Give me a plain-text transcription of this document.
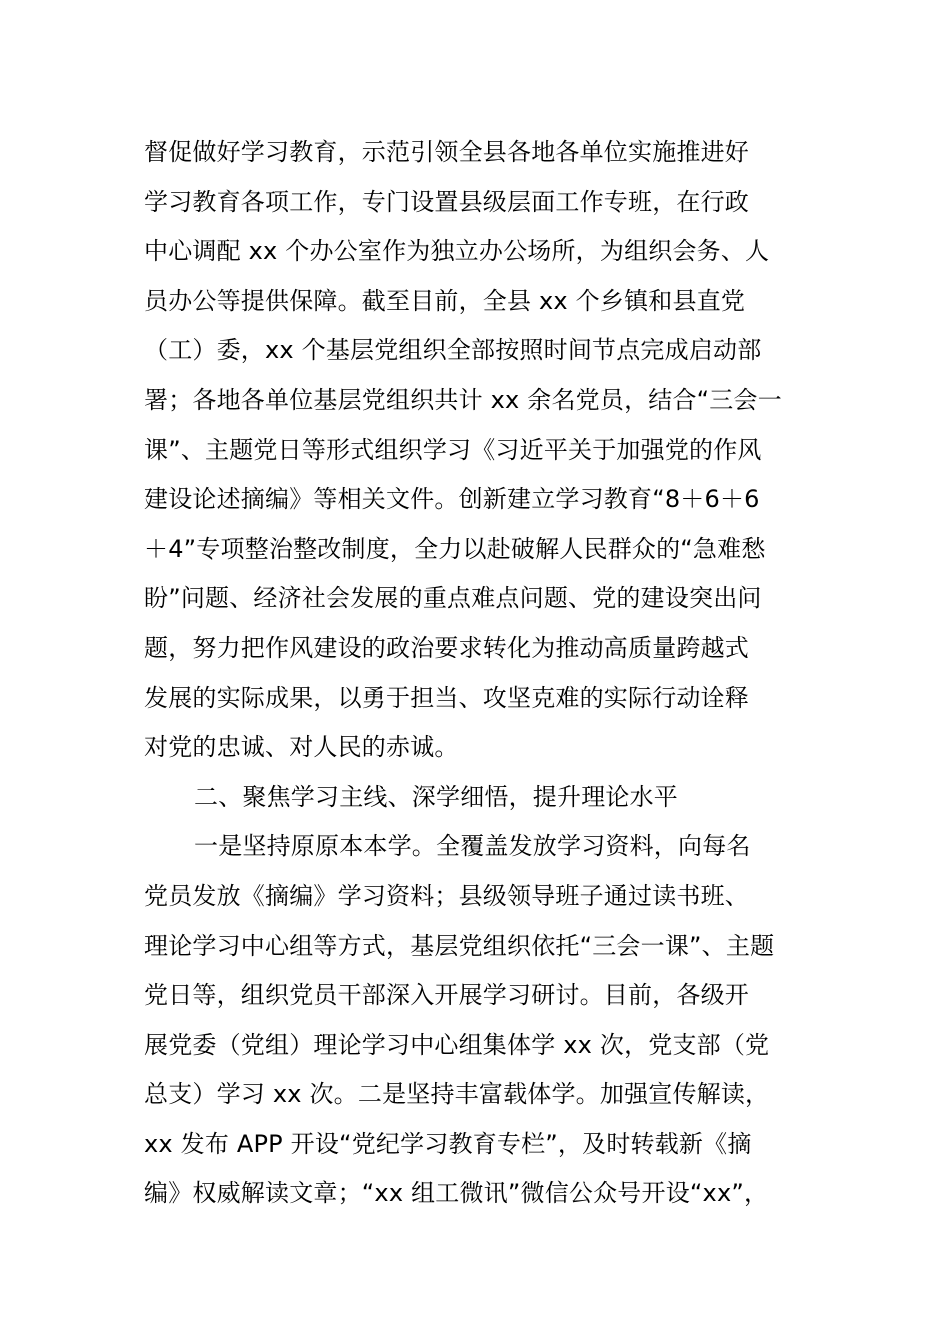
督促做好学习教育，示范引领全县各地各单位实施推进好
学习教育各项工作，专门设置县级层面工作专班，在行政
中心调配 xx 个办公室作为独立办公场所，为组织会务、人
员办公等提供保障。截至目前，全县 xx 个乡镇和县直党
（工）委，xx 个基层党组织全部按照时间节点完成启动部
署；各地各单位基层党组织共计 xx 余名党员，结合“三会一
课”、主题党日等形式组织学习《习近平关于加强党的作风
建设论述摘编》等相关文件。创新建立学习教育“8＋6＋6
＋4”专项整治整改制度，全力以赴破解人民群众的“急难愁
盼”问题、经济社会发展的重点难点问题、党的建设突出问
题，努力把作风建设的政治要求转化为推动高质量跨越式
发展的实际成果，以勇于担当、攻坚克难的实际行动诠释
对党的忠诚、对人民的赤诚。
二、聚焦学习主线、深学细悟，提升理论水平
一是坚持原原本本学。全覆盖发放学习资料，向每名
党员发放《摘编》学习资料；县级领导班子通过读书班、
理论学习中心组等方式，基层党组织依托“三会一课”、主题
党日等，组织党员干部深入开展学习研讨。目前，各级开
展党委（党组）理论学习中心组集体学 xx 次，党支部（党
总支）学习 xx 次。二是坚持丰富载体学。加强宣传解读，
xx 发布 APP 开设“党纪学习教育专栏”，及时转载新《摘
编》权威解读文章；“xx 组工微讯”微信公众号开设“xx”，
